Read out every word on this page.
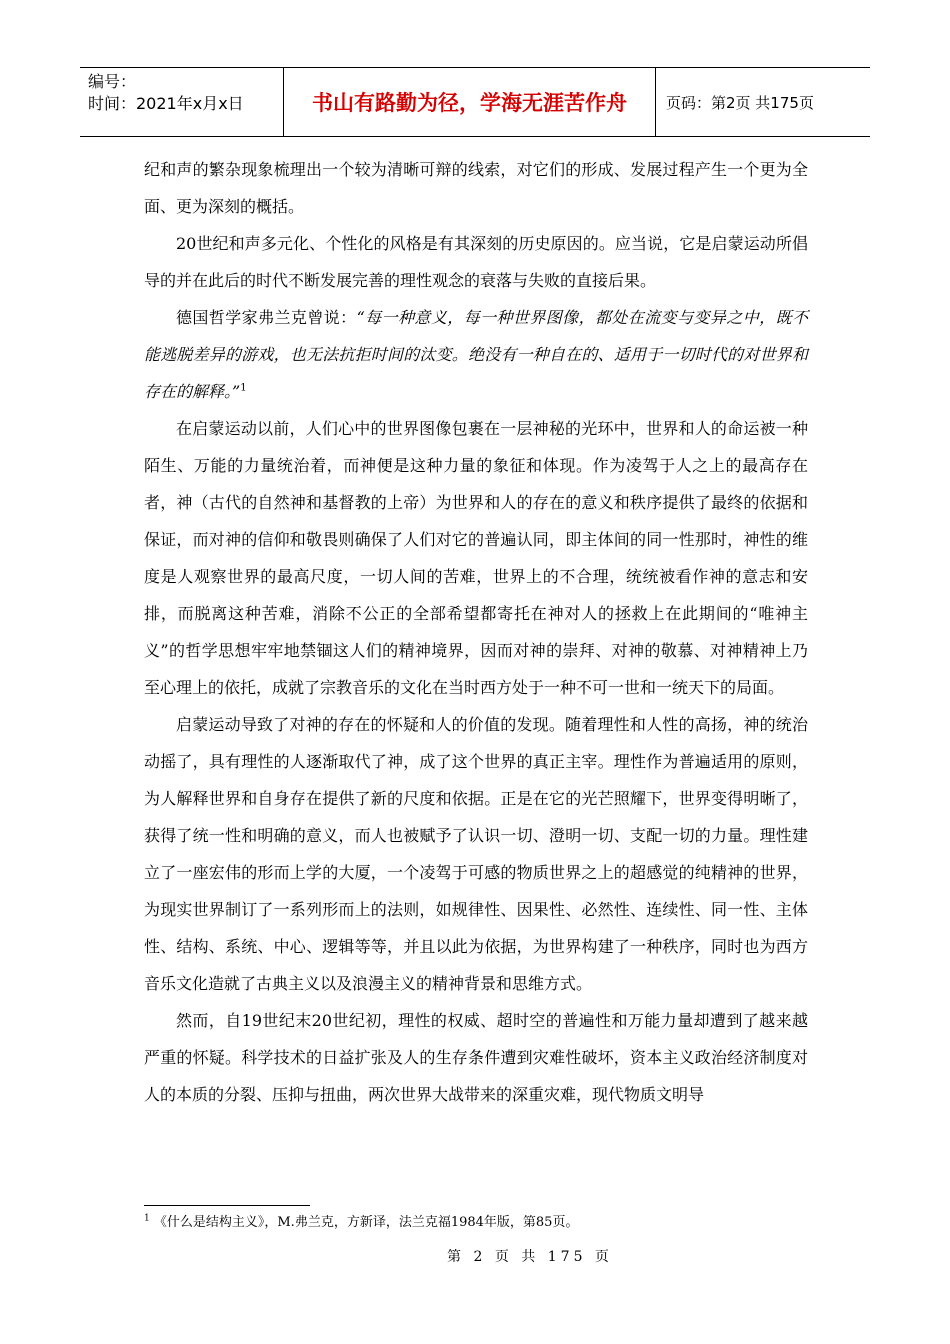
编号：
时间：2021年x月x日	书山有路勤为径，学海无涯苦作舟	页码：第2页 共175页

纪和声的繁杂现象梳理出一个较为清晰可辩的线索，对它们的形成、发展过程产生一个更为全面、更为深刻的概括。

20世纪和声多元化、个性化的风格是有其深刻的历史原因的。应当说，它是启蒙运动所倡导的并在此后的时代不断发展完善的理性观念的衰落与失败的直接后果。

德国哲学家弗兰克曾说：“每一种意义，每一种世界图像，都处在流变与变异之中，既不能逃脱差异的游戏，也无法抗拒时间的汰变。绝没有一种自在的、适用于一切时代的对世界和存在的解释。”$^1$

在启蒙运动以前，人们心中的世界图像包裹在一层神秘的光环中，世界和人的命运被一种陌生、万能的力量统治着，而神便是这种力量的象征和体现。作为凌驾于人之上的最高存在者，神（古代的自然神和基督教的上帝）为世界和人的存在的意义和秩序提供了最终的依据和保证，而对神的信仰和敬畏则确保了人们对它的普遍认同，即主体间的同一性那时，神性的维度是人观察世界的最高尺度，一切人间的苦难，世界上的不合理，统统被看作神的意志和安排，而脱离这种苦难，消除不公正的全部希望都寄托在神对人的拯救上在此期间的“唯神主义”的哲学思想牢牢地禁锢这人们的精神境界，因而对神的崇拜、对神的敬慕、对神精神上乃至心理上的依托，成就了宗教音乐的文化在当时西方处于一种不可一世和一统天下的局面。

启蒙运动导致了对神的存在的怀疑和人的价值的发现。随着理性和人性的高扬，神的统治动摇了，具有理性的人逐渐取代了神，成了这个世界的真正主宰。理性作为普遍适用的原则，为人解释世界和自身存在提供了新的尺度和依据。正是在它的光芒照耀下，世界变得明晰了，获得了统一性和明确的意义，而人也被赋予了认识一切、澄明一切、支配一切的力量。理性建立了一座宏伟的形而上学的大厦，一个凌驾于可感的物质世界之上的超感觉的纯精神的世界，为现实世界制订了一系列形而上的法则，如规律性、因果性、必然性、连续性、同一性、主体性、结构、系统、中心、逻辑等等，并且以此为依据，为世界构建了一种秩序，同时也为西方音乐文化造就了古典主义以及浪漫主义的精神背景和思维方式。

然而，自19世纪末20世纪初，理性的权威、超时空的普遍性和万能力量却遭到了越来越严重的怀疑。科学技术的日益扩张及人的生存条件遭到灾难性破坏，资本主义政治经济制度对人的本质的分裂、压抑与扭曲，两次世界大战带来的深重灾难，现代物质文明导

$^1$ 《什么是结构主义》，M.弗兰克，方新译，法兰克福1984年版，第85页。
第 2 页 共 175 页
